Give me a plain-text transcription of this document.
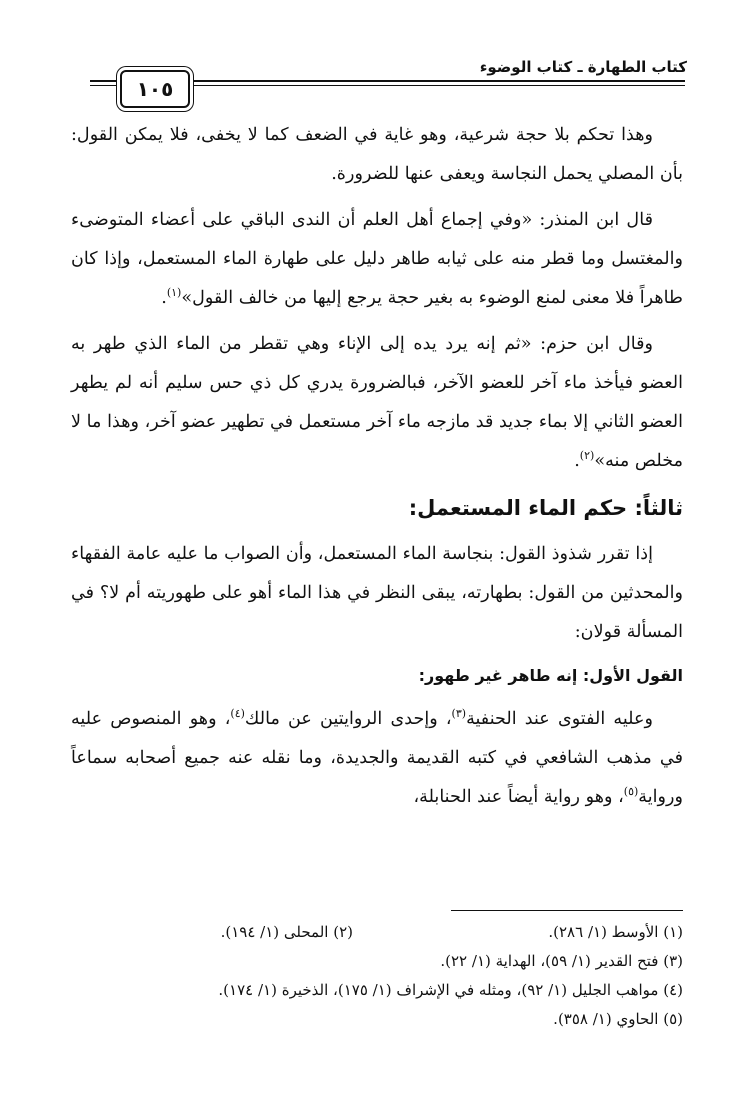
كتاب الطهارة ـ كتاب الوضوء
١٠٥

وهذا تحكم بلا حجة شرعية، وهو غاية في الضعف كما لا يخفى، فلا يمكن القول: بأن المصلي يحمل النجاسة ويعفى عنها للضرورة.

قال ابن المنذر: «وفي إجماع أهل العلم أن الندى الباقي على أعضاء المتوضىء والمغتسل وما قطر منه على ثيابه طاهر دليل على طهارة الماء المستعمل، وإذا كان طاهراً فلا معنى لمنع الوضوء به بغير حجة يرجع إليها من خالف القول»$^{(١)}$.

وقال ابن حزم: «ثم إنه يرد يده إلى الإناء وهي تقطر من الماء الذي طهر به العضو فيأخذ ماء آخر للعضو الآخر، فبالضرورة يدري كل ذي حس سليم أنه لم يطهر العضو الثاني إلا بماء جديد قد مازجه ماء آخر مستعمل في تطهير عضو آخر، وهذا ما لا مخلص منه»$^{(٢)}$.

ثالثاً: حكم الماء المستعمل:

إذا تقرر شذوذ القول: بنجاسة الماء المستعمل، وأن الصواب ما عليه عامة الفقهاء والمحدثين من القول: بطهارته، يبقى النظر في هذا الماء أهو على طهوريته أم لا؟ في المسألة قولان:

القول الأول: إنه طاهر غير طهور:

وعليه الفتوى عند الحنفية$^{(٣)}$، وإحدى الروايتين عن مالك$^{(٤)}$، وهو المنصوص عليه في مذهب الشافعي في كتبه القديمة والجديدة، وما نقله عنه جميع أصحابه سماعاً ورواية$^{(٥)}$، وهو رواية أيضاً عند الحنابلة،

(١) الأوسط (١/ ٢٨٦).
(٢) المحلى (١/ ١٩٤).
(٣) فتح القدير (١/ ٥٩)، الهداية (١/ ٢٢).
(٤) مواهب الجليل (١/ ٩٢)، ومثله في الإشراف (١/ ١٧٥)، الذخيرة (١/ ١٧٤).
(٥) الحاوي (١/ ٣٥٨).
